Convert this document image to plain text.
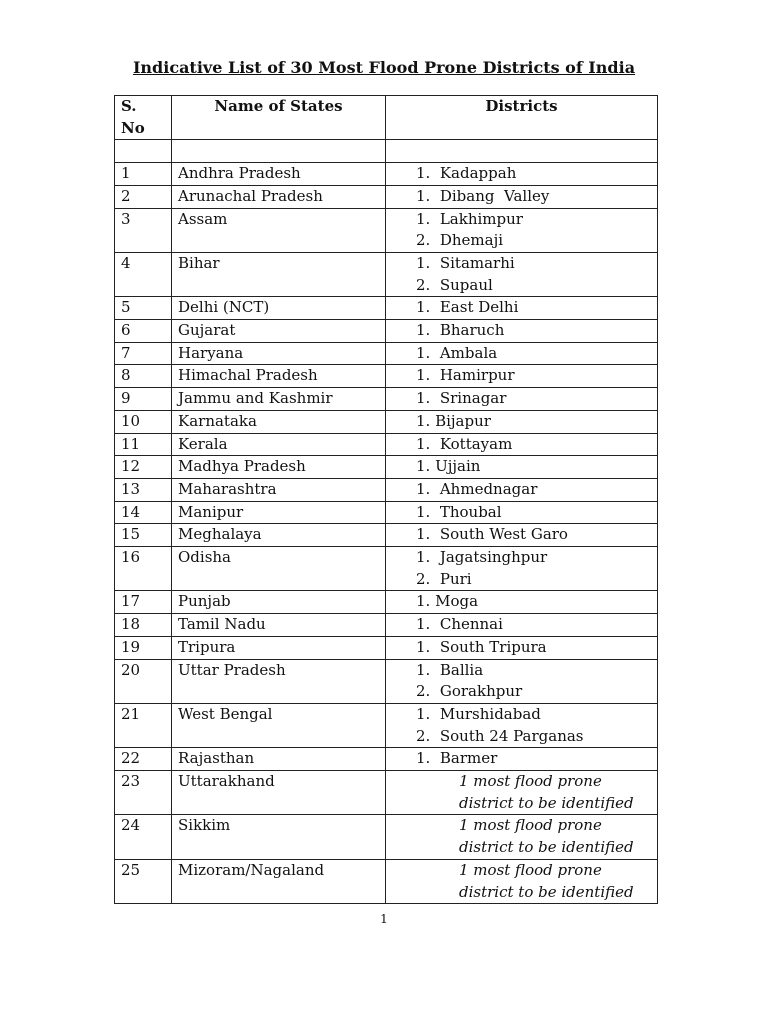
Indicative List of 30 Most Flood Prone Districts of India
S. No	Name of States	Districts

1	Andhra Pradesh	1.  Kadappah

2	Arunachal Pradesh	1.  Dibang  Valley

3	Assam	1.  Lakhimpur
2.  Dhemaji

4	Bihar	1.  Sitamarhi
2.  Supaul

5	Delhi (NCT)	1.  East Delhi

6	Gujarat	1.  Bharuch

7	Haryana	1.  Ambala

8	Himachal Pradesh	1.  Hamirpur

9	Jammu and Kashmir	1.  Srinagar

10	Karnataka	1. Bijapur

11	Kerala	1.  Kottayam

12	Madhya Pradesh	1. Ujjain

13	Maharashtra	1.  Ahmednagar

14	Manipur	1.  Thoubal

15	Meghalaya	1.  South West Garo

16	Odisha	1.  Jagatsinghpur
2.  Puri

17	Punjab	1. Moga

18	Tamil Nadu	1.  Chennai

19	Tripura	1.  South Tripura

20	Uttar Pradesh	1.  Ballia
2.  Gorakhpur

21	West Bengal	1.  Murshidabad
2.  South 24 Parganas

22	Rajasthan	1.  Barmer

23	Uttarakhand	1 most flood prone
district to be identified

24	Sikkim	1 most flood prone
district to be identified

25	Mizoram/Nagaland	1 most flood prone
district to be identified
1
